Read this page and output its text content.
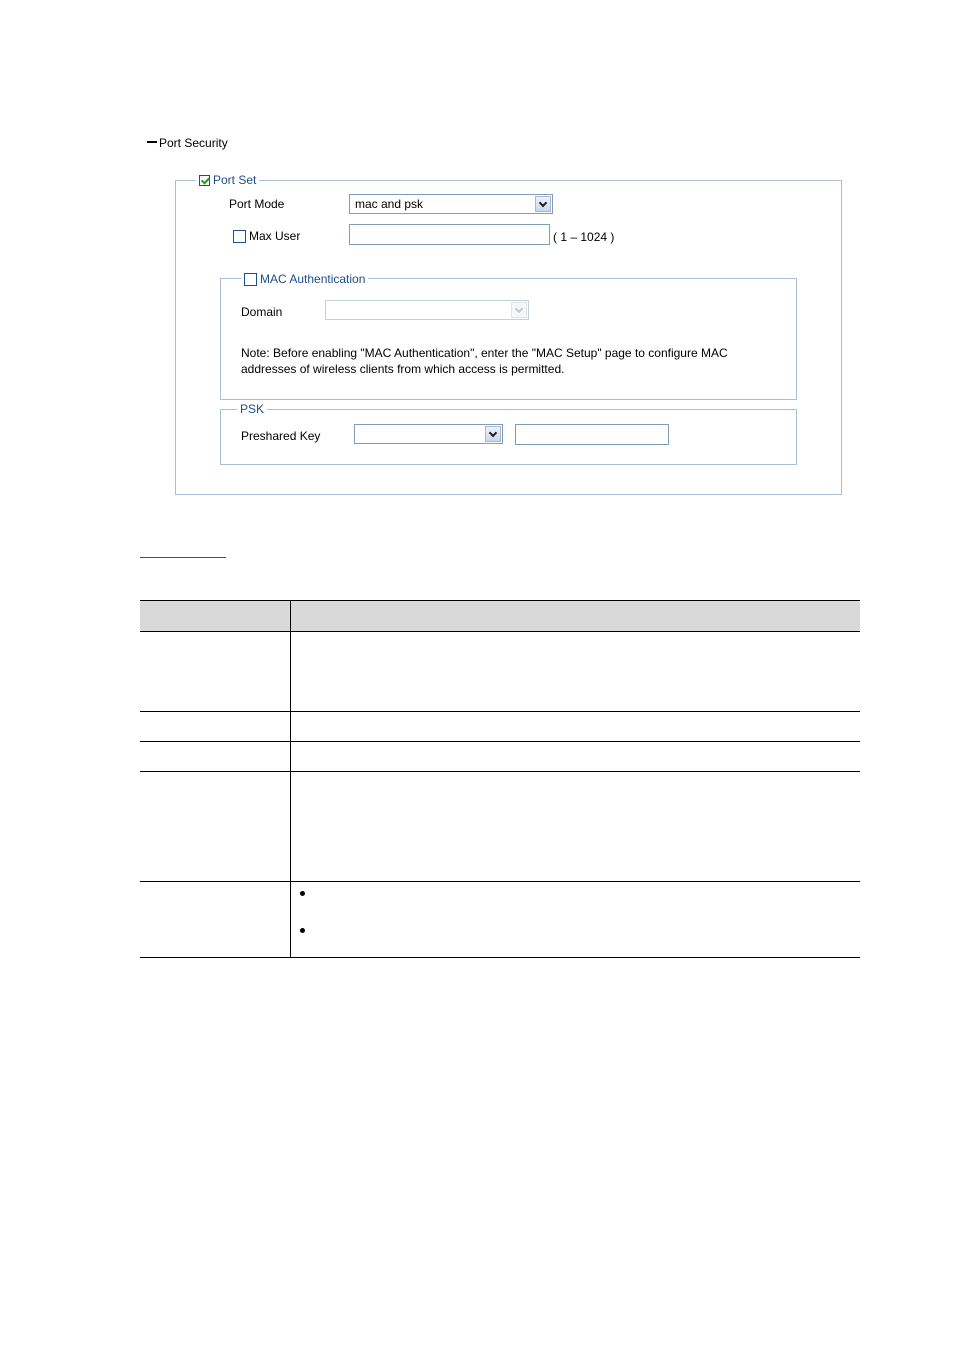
Port Security
Port Set
Port Mode	mac and psk
Max User	( 1 – 1024 )
MAC Authentication
Domain
Note: Before enabling "MAC Authentication", enter the "MAC Setup" page to configure MAC
addresses of wireless clients from which access is permitted.
PSK
Preshared Key
